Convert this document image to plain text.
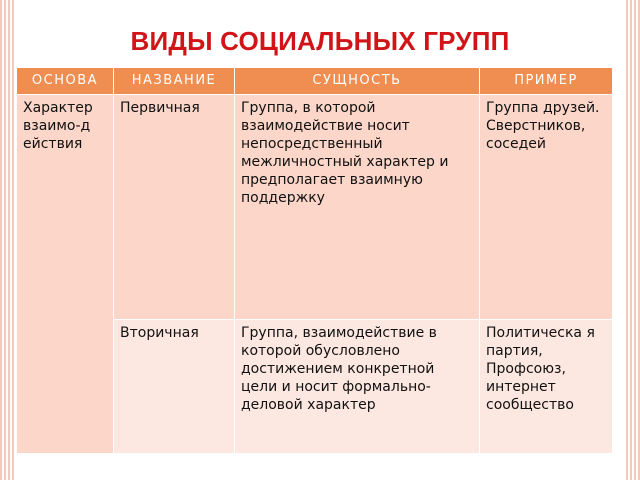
ВИДЫ СОЦИАЛЬНЫХ ГРУПП
ОСНОВА	НАЗВАНИЕ	СУЩНОСТЬ	ПРИМЕР
Характер взаимо-д ействия	Первичная	Группа, в которой взаимодействие носит непосредственный межличностный характер и предполагает взаимную поддержку	Группа друзей. Сверстников, соседей
	Вторичная	Группа, взаимодействие в которой обусловлено достижением конкретной цели и носит формально-деловой характер	Политическа я партия, Профсоюз, интернет сообщество
